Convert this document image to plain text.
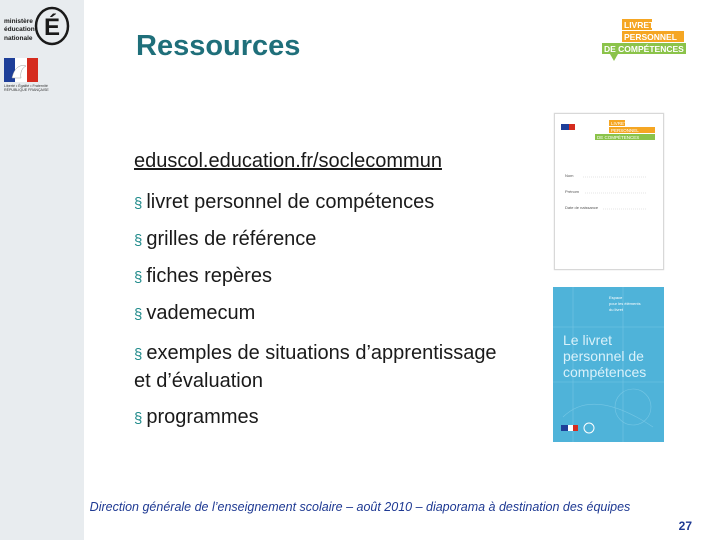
ministère
éducation
nationale É
Liberté • Égalité • Fraternité
RÉPUBLIQUE FRANÇAISE
Ressources
LIVRET
PERSONNEL
DE COMPÉTENCES
eduscol.education.fr/soclecommun
§ livret personnel de compétences
§ grilles de référence
§ fiches repères
§ vademecum
§ exemples de situations d’apprentissage
et d’évaluation
§ programmes
LIVRET
PERSONNEL
DE COMPÉTENCES
Nom
Prénom
Date de naissance
Espace
pour les éléments
du livret
Le livret
personnel de
compétences
Direction générale de l’enseignement scolaire – août 2010 – diaporama à destination des équipes
27
